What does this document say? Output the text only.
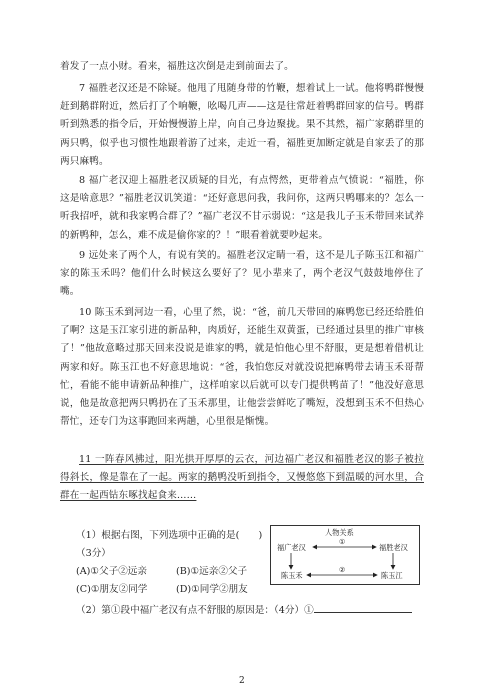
着发了一点小财。看来，福胜这次倒是走到前面去了。
7 福胜老汉还是不除疑。他甩了甩随身带的竹鞭，想着试上一试。他将鸭群慢慢赶到鹅群附近，然后打了个响鞭，吆喝几声——这是往常赶着鸭群回家的信号。鸭群听到熟悉的指令后，开始慢慢游上岸，向自己身边聚拢。果不其然，福广家鹅群里的两只鸭，似乎也习惯性地跟着游了过来，走近一看，福胜更加断定就是自家丢了的那两只麻鸭。
8 福广老汉迎上福胜老汉质疑的目光，有点愕然，更带着点气愤说：“福胜，你这是啥意思？”福胜老汉讥笑道：“还好意思问我，我问你，这两只鸭哪来的？怎么一听我招呼，就和我家鸭合群了？”福广老汉不甘示弱说：“这是我儿子玉禾带回来试养的新鸭种，怎么，难不成是偷你家的？！”眼看着就要吵起来。
9 远处来了两个人，有说有笑的。福胜老汉定睛一看，这不是儿子陈玉江和福广家的陈玉禾吗？他们什么时候这么要好了？见小辈来了，两个老汉气鼓鼓地停住了嘴。
10 陈玉禾到河边一看，心里了然，说：“爸，前几天带回的麻鸭您已经还给胜伯了啊？这是玉江家引进的新品种，肉质好，还能生双黄蛋，已经通过县里的推广审核了！”他故意略过那天回来没说是谁家的鸭，就是怕他心里不舒服，更是想着借机让两家和好。陈玉江也不好意思地说：“爸，我怕您反对就没说把麻鸭带去请玉禾哥帮忙，看能不能申请新品种推广，这样咱家以后就可以专门提供鸭苗了！”他没好意思说，他是故意把两只鸭扔在了玉禾那里，让他尝尝鲜吃了嘴短，没想到玉禾不但热心帮忙，还专门为这事跑回来两趟，心里很是惭愧。
11 一阵春风拂过，阳光拱开厚厚的云衣，河边福广老汉和福胜老汉的影子被拉得斜长，像是靠在了一起。两家的鹅鸭没听到指令，又慢悠悠下到温暖的河水里，合群在一起西钻东啄找起食来……
（1）根据右图，下列选项中正确的是(　　)
（3分）
(A)①父子②远亲	(B)①远亲②父子
(C)①朋友②同学	(D)①同学②朋友
（2）第①段中福广老汉有点不舒服的原因是：（4分）①
人物关系
福广老汉	福胜老汉
①
陈玉禾	陈玉江
②
2
